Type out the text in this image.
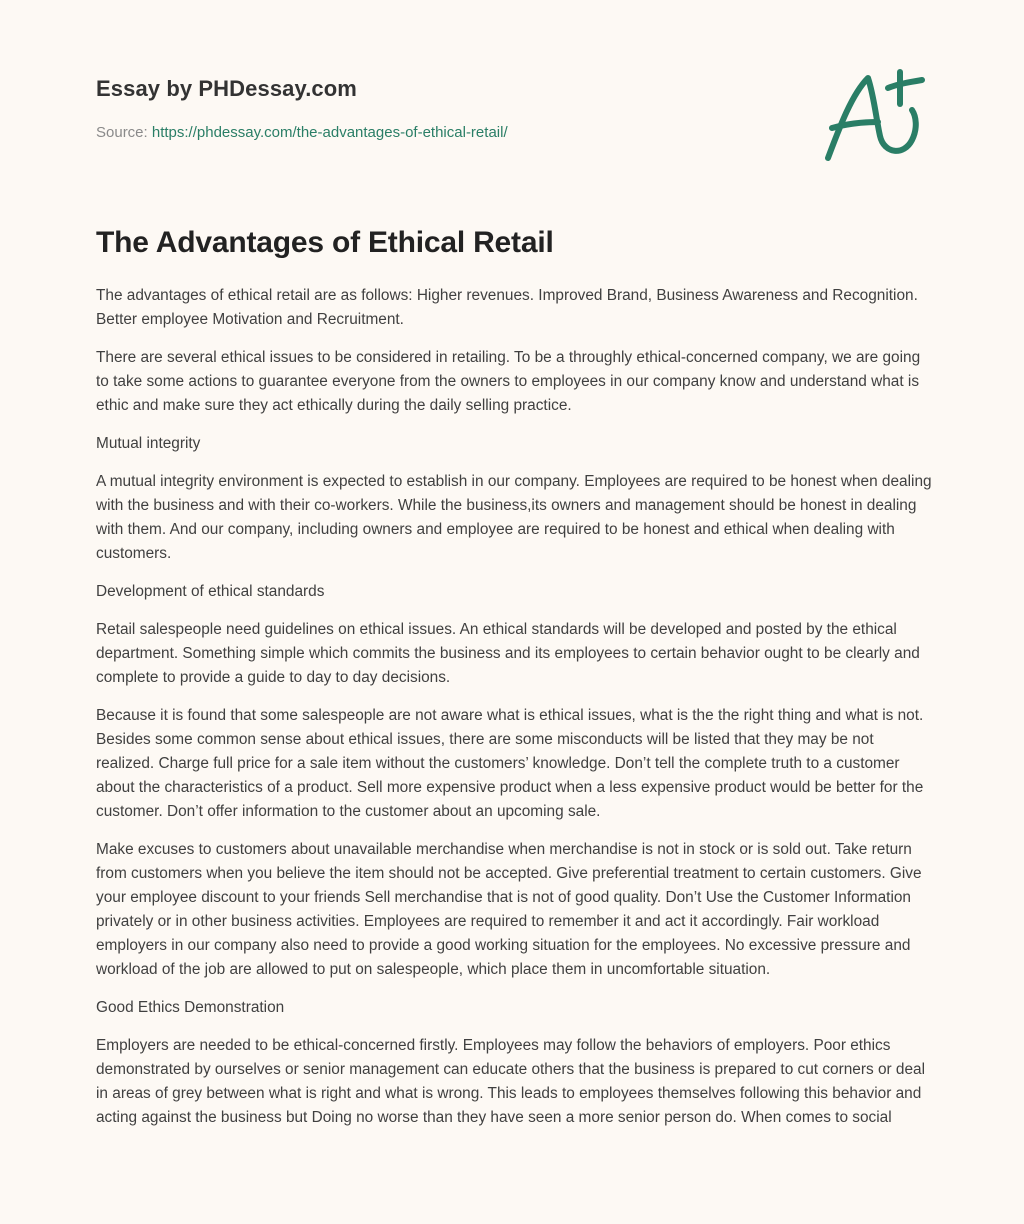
Essay by PHDessay.com
Source: https://phdessay.com/the-advantages-of-ethical-retail/
The Advantages of Ethical Retail

The advantages of ethical retail are as follows: Higher revenues. Improved Brand, Business Awareness and Recognition. Better employee Motivation and Recruitment.

There are several ethical issues to be considered in retailing. To be a throughly ethical-concerned company, we are going to take some actions to guarantee everyone from the owners to employees in our company know and understand what is ethic and make sure they act ethically during the daily selling practice.

Mutual integrity

A mutual integrity environment is expected to establish in our company. Employees are required to be honest when dealing with the business and with their co-workers. While the business,its owners and management should be honest in dealing with them. And our company, including owners and employee are required to be honest and ethical when dealing with customers.

Development of ethical standards

Retail salespeople need guidelines on ethical issues. An ethical standards will be developed and posted by the ethical department. Something simple which commits the business and its employees to certain behavior ought to be clearly and complete to provide a guide to day to day decisions.

Because it is found that some salespeople are not aware what is ethical issues, what is the the right thing and what is not. Besides some common sense about ethical issues, there are some misconducts will be listed that they may be not realized. Charge full price for a sale item without the customers’ knowledge. Don’t tell the complete truth to a customer about the characteristics of a product. Sell more expensive product when a less expensive product would be better for the customer. Don’t offer information to the customer about an upcoming sale.

Make excuses to customers about unavailable merchandise when merchandise is not in stock or is sold out. Take return from customers when you believe the item should not be accepted. Give preferential treatment to certain customers. Give your employee discount to your friends Sell merchandise that is not of good quality. Don’t Use the Customer Information privately or in other business activities. Employees are required to remember it and act it accordingly. Fair workload employers in our company also need to provide a good working situation for the employees. No excessive pressure and workload of the job are allowed to put on salespeople, which place them in uncomfortable situation.

Good Ethics Demonstration

Employers are needed to be ethical-concerned firstly. Employees may follow the behaviors of employers. Poor ethics demonstrated by ourselves or senior management can educate others that the business is prepared to cut corners or deal in areas of grey between what is right and what is wrong. This leads to employees themselves following this behavior and acting against the business but Doing no worse than they have seen a more senior person do. When comes to social
